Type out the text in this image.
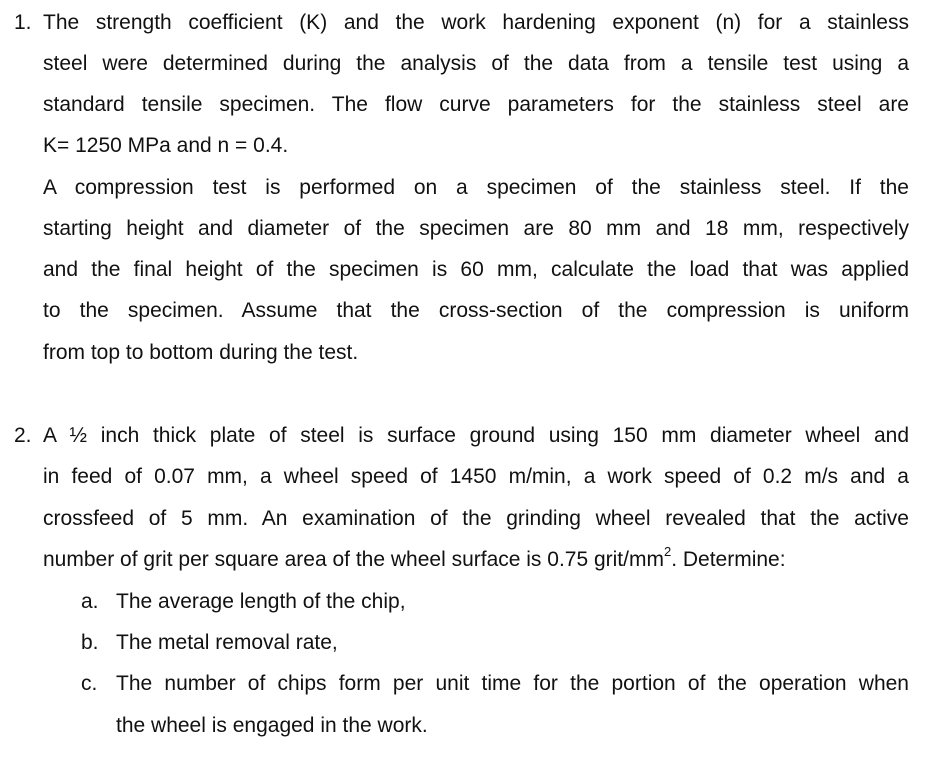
1. The strength coefficient (K) and the work hardening exponent (n) for a stainless
steel were determined during the analysis of the data from a tensile test using a
standard tensile specimen. The flow curve parameters for the stainless steel are
K= 1250 MPa and n = 0.4.
A compression test is performed on a specimen of the stainless steel. If the
starting height and diameter of the specimen are 80 mm and 18 mm, respectively
and the final height of the specimen is 60 mm, calculate the load that was applied
to the specimen. Assume that the cross-section of the compression is uniform
from top to bottom during the test.
2. A ½ inch thick plate of steel is surface ground using 150 mm diameter wheel and
in feed of 0.07 mm, a wheel speed of 1450 m/min, a work speed of 0.2 m/s and a
crossfeed of 5 mm. An examination of the grinding wheel revealed that the active
number of grit per square area of the wheel surface is 0.75 grit/$mm^2$. Determine:
a. The average length of the chip,
b. The metal removal rate,
c. The number of chips form per unit time for the portion of the operation when
the wheel is engaged in the work.
